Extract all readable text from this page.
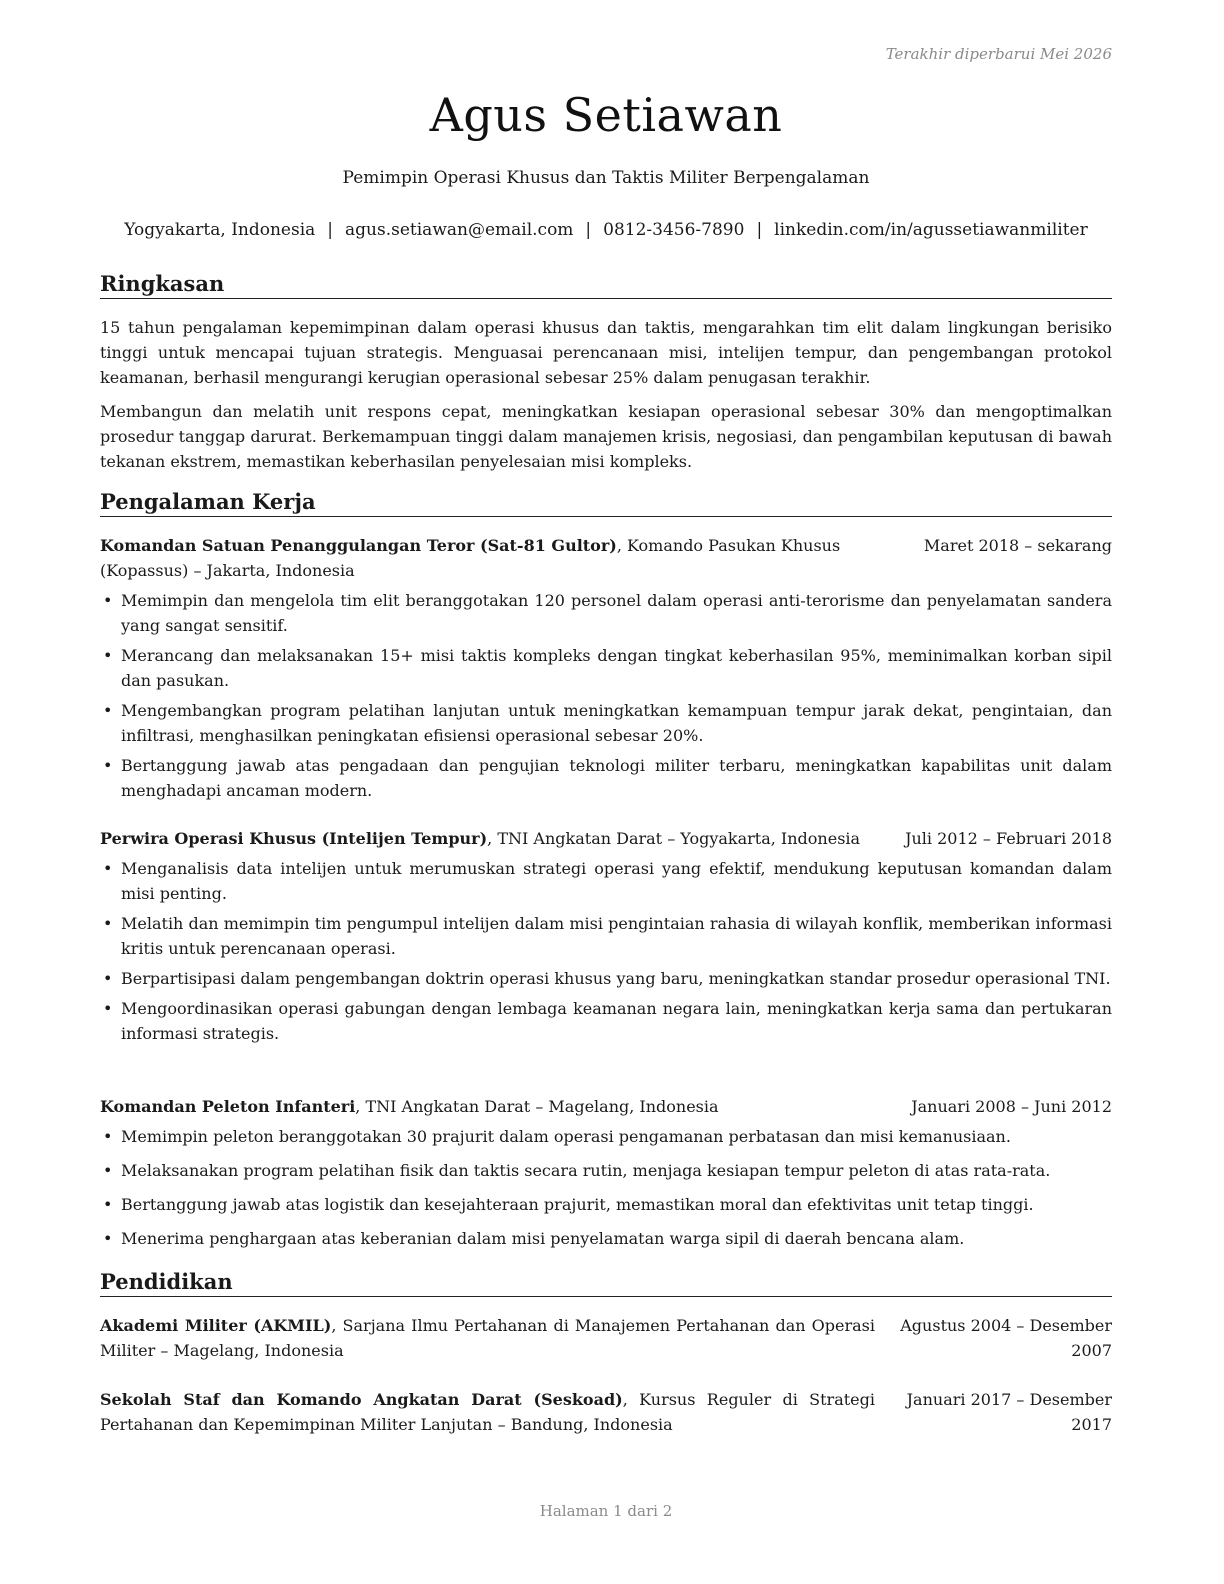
Terakhir diperbarui Mei 2026
Agus Setiawan
Pemimpin Operasi Khusus dan Taktis Militer Berpengalaman
Yogyakarta, Indonesia | agus.setiawan@email.com | 0812-3456-7890 | linkedin.com/in/agussetiawanmiliter
Ringkasan
15 tahun pengalaman kepemimpinan dalam operasi khusus dan taktis, mengarahkan tim elit dalam lingkungan berisiko tinggi untuk mencapai tujuan strategis. Menguasai perencanaan misi, intelijen tempur, dan pengembangan protokol keamanan, berhasil mengurangi kerugian operasional sebesar 25% dalam penugasan terakhir.
Membangun dan melatih unit respons cepat, meningkatkan kesiapan operasional sebesar 30% dan mengoptimalkan prosedur tanggap darurat. Berkemampuan tinggi dalam manajemen krisis, negosiasi, dan pengambilan keputusan di bawah tekanan ekstrem, memastikan keberhasilan penyelesaian misi kompleks.
Pengalaman Kerja
Maret 2018 – sekarang
Komandan Satuan Penanggulangan Teror (Sat-81 Gultor), Komando Pasukan Khusus (Kopassus) – Jakarta, Indonesia
• Memimpin dan mengelola tim elit beranggotakan 120 personel dalam operasi anti-terorisme dan penyelamatan sandera yang sangat sensitif.
• Merancang dan melaksanakan 15+ misi taktis kompleks dengan tingkat keberhasilan 95%, meminimalkan korban sipil dan pasukan.
• Mengembangkan program pelatihan lanjutan untuk meningkatkan kemampuan tempur jarak dekat, pengintaian, dan infiltrasi, menghasilkan peningkatan efisiensi operasional sebesar 20%.
• Bertanggung jawab atas pengadaan dan pengujian teknologi militer terbaru, meningkatkan kapabilitas unit dalam menghadapi ancaman modern.
Juli 2012 – Februari 2018
Perwira Operasi Khusus (Intelijen Tempur), TNI Angkatan Darat – Yogyakarta, Indonesia
• Menganalisis data intelijen untuk merumuskan strategi operasi yang efektif, mendukung keputusan komandan dalam misi penting.
• Melatih dan memimpin tim pengumpul intelijen dalam misi pengintaian rahasia di wilayah konflik, memberikan informasi kritis untuk perencanaan operasi.
• Berpartisipasi dalam pengembangan doktrin operasi khusus yang baru, meningkatkan standar prosedur operasional TNI.
• Mengoordinasikan operasi gabungan dengan lembaga keamanan negara lain, meningkatkan kerja sama dan pertukaran informasi strategis.
Januari 2008 – Juni 2012
Komandan Peleton Infanteri, TNI Angkatan Darat – Magelang, Indonesia
• Memimpin peleton beranggotakan 30 prajurit dalam operasi pengamanan perbatasan dan misi kemanusiaan.
• Melaksanakan program pelatihan fisik dan taktis secara rutin, menjaga kesiapan tempur peleton di atas rata-rata.
• Bertanggung jawab atas logistik dan kesejahteraan prajurit, memastikan moral dan efektivitas unit tetap tinggi.
• Menerima penghargaan atas keberanian dalam misi penyelamatan warga sipil di daerah bencana alam.
Pendidikan
Akademi Militer (AKMIL), Sarjana Ilmu Pertahanan di Manajemen Pertahanan dan Operasi Militer – Magelang, Indonesia
Agustus 2004 – Desember 2007
Sekolah Staf dan Komando Angkatan Darat (Seskoad), Kursus Reguler di Strategi Pertahanan dan Kepemimpinan Militer Lanjutan – Bandung, Indonesia
Januari 2017 – Desember 2017
Halaman 1 dari 2
